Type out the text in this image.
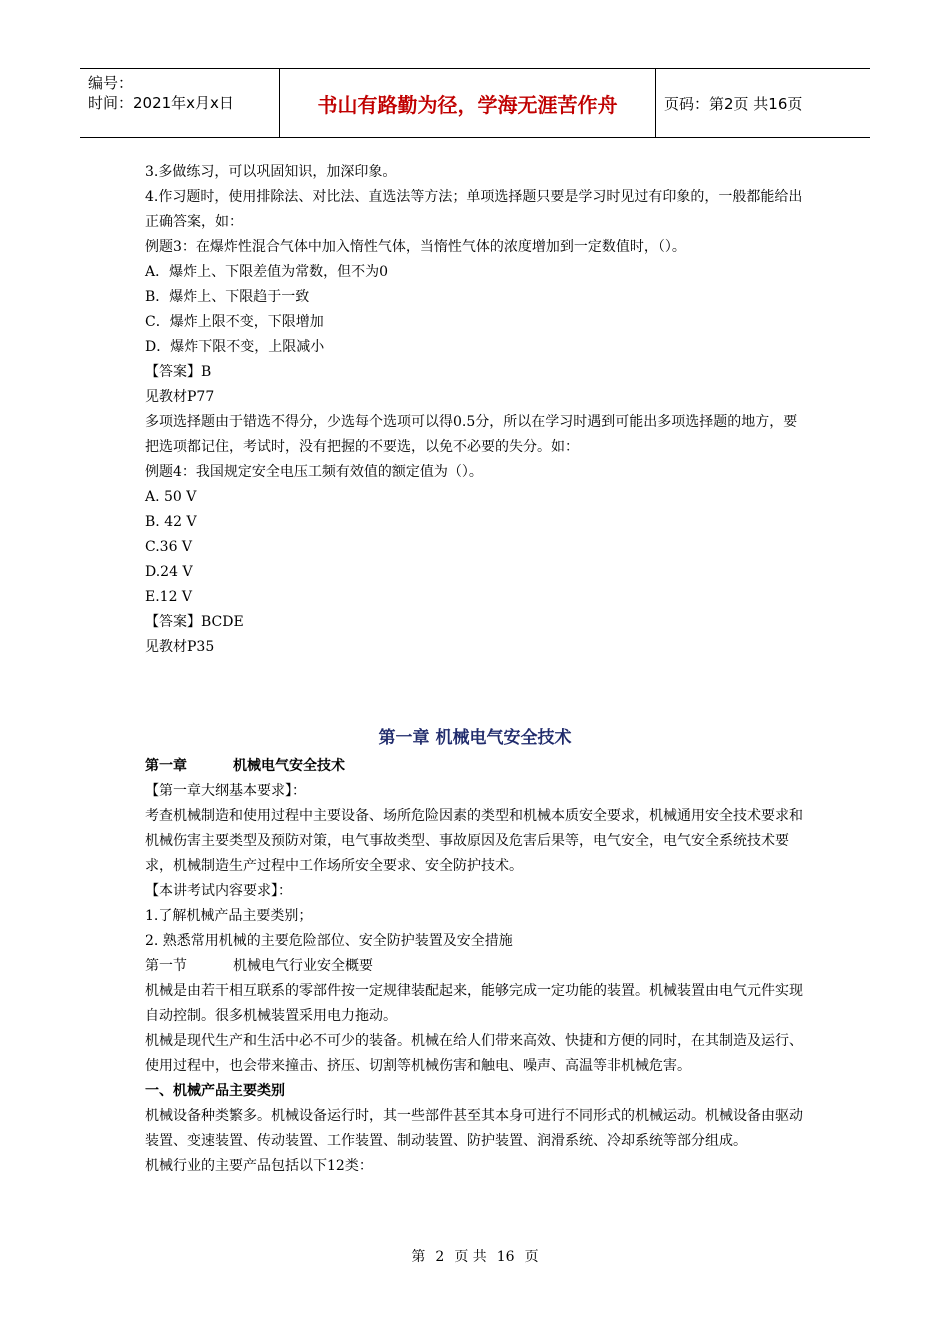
编号：
时间：2021年x月x日	书山有路勤为径，学海无涯苦作舟	页码：第2页 共16页
3.多做练习，可以巩固知识，加深印象。
4.作习题时，使用排除法、对比法、直选法等方法；单项选择题只要是学习时见过有印象的，一般都能给出正确答案，如：
例题3：在爆炸性混合气体中加入惰性气体，当惰性气体的浓度增加到一定数值时，（）。
A．爆炸上、下限差值为常数，但不为0
B．爆炸上、下限趋于一致
C．爆炸上限不变，下限增加
D．爆炸下限不变，上限减小
【答案】B
见教材P77
多项选择题由于错选不得分，少选每个选项可以得0.5分，所以在学习时遇到可能出多项选择题的地方，要把选项都记住，考试时，没有把握的不要选，以免不必要的失分。如：
例题4：我国规定安全电压工频有效值的额定值为（）。
A. 50 V
B. 42 V
C.36 V
D.24 V
E.12 V
【答案】BCDE
见教材P35
第一章 机械电气安全技术
第一章	机械电气安全技术
【第一章大纲基本要求】：
考查机械制造和使用过程中主要设备、场所危险因素的类型和机械本质安全要求，机械通用安全技术要求和机械伤害主要类型及预防对策，电气事故类型、事故原因及危害后果等，电气安全，电气安全系统技术要求，机械制造生产过程中工作场所安全要求、安全防护技术。
【本讲考试内容要求】：
1.了解机械产品主要类别；
2. 熟悉常用机械的主要危险部位、安全防护装置及安全措施
第一节	机械电气行业安全概要
机械是由若干相互联系的零部件按一定规律装配起来，能够完成一定功能的装置。机械装置由电气元件实现自动控制。很多机械装置采用电力拖动。
机械是现代生产和生活中必不可少的装备。机械在给人们带来高效、快捷和方便的同时，在其制造及运行、使用过程中，也会带来撞击、挤压、切割等机械伤害和触电、噪声、高温等非机械危害。
一、机械产品主要类别
机械设备种类繁多。机械设备运行时，其一些部件甚至其本身可进行不同形式的机械运动。机械设备由驱动装置、变速装置、传动装置、工作装置、制动装置、防护装置、润滑系统、冷却系统等部分组成。
机械行业的主要产品包括以下12类：
第 2 页 共 16 页
